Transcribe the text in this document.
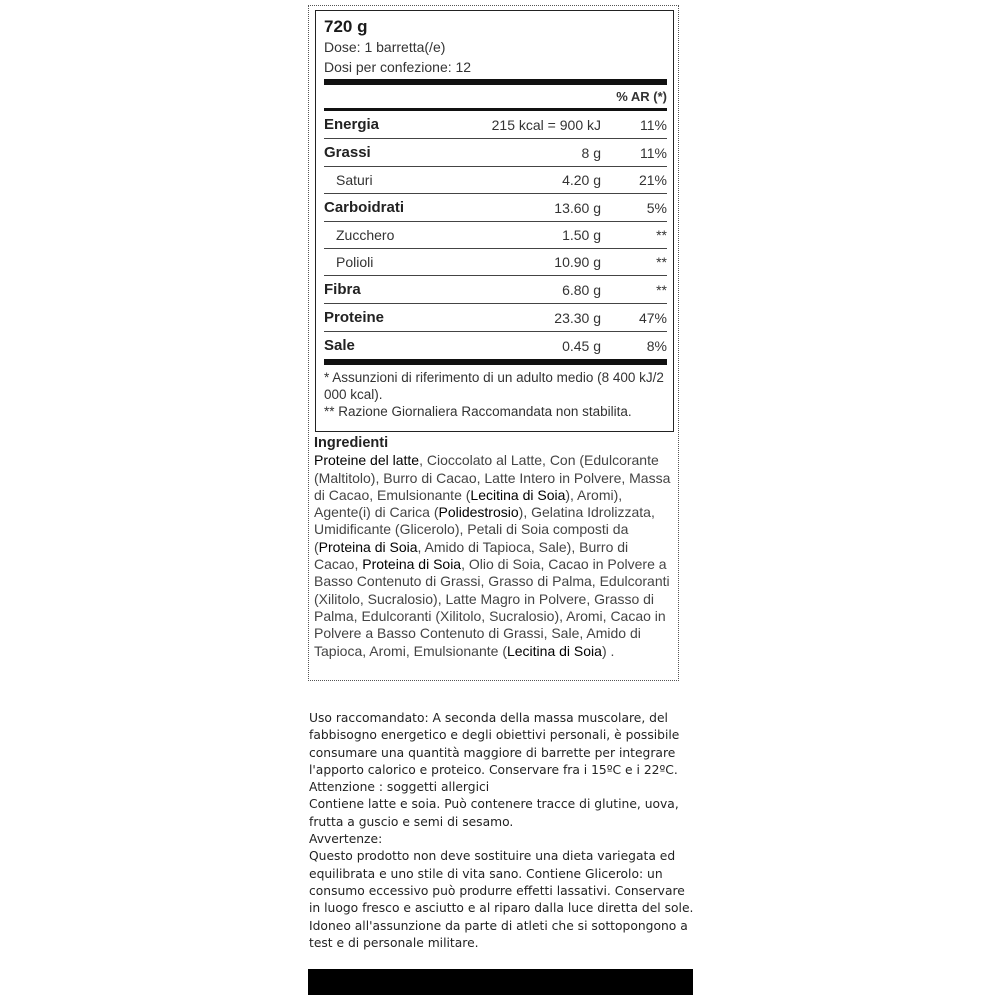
720 g
Dose: 1 barretta(/e)
Dosi per confezione: 12
% AR (*)
Energia	215 kcal = 900 kJ	11%
Grassi	8 g	11%
Saturi	4.20 g	21%
Carboidrati	13.60 g	5%
Zucchero	1.50 g	**
Polioli	10.90 g	**
Fibra	6.80 g	**
Proteine	23.30 g	47%
Sale	0.45 g	8%
* Assunzioni di riferimento di un adulto medio (8 400 kJ/2 000 kcal).
** Razione Giornaliera Raccomandata non stabilita.
Ingredienti
Proteine del latte, Cioccolato al Latte, Con (Edulcorante (Maltitolo), Burro di Cacao, Latte Intero in Polvere, Massa di Cacao, Emulsionante (Lecitina di Soia), Aromi), Agente(i) di Carica (Polidestrosio), Gelatina Idrolizzata, Umidificante (Glicerolo), Petali di Soia composti da (Proteina di Soia, Amido di Tapioca, Sale), Burro di Cacao, Proteina di Soia, Olio di Soia, Cacao in Polvere a Basso Contenuto di Grassi, Grasso di Palma, Edulcoranti (Xilitolo, Sucralosio), Latte Magro in Polvere, Grasso di Palma, Edulcoranti (Xilitolo, Sucralosio), Aromi, Cacao in Polvere a Basso Contenuto di Grassi, Sale, Amido di Tapioca, Aromi, Emulsionante (Lecitina di Soia) .
Uso raccomandato: A seconda della massa muscolare, del fabbisogno energetico e degli obiettivi personali, è possibile consumare una quantità maggiore di barrette per integrare l'apporto calorico e proteico. Conservare fra i 15ºC e i 22ºC.
Attenzione : soggetti allergici
Contiene latte e soia. Può contenere tracce di glutine, uova, frutta a guscio e semi di sesamo.
Avvertenze:
Questo prodotto non deve sostituire una dieta variegata ed equilibrata e uno stile di vita sano. Contiene Glicerolo: un consumo eccessivo può produrre effetti lassativi. Conservare in luogo fresco e asciutto e al riparo dalla luce diretta del sole. Idoneo all'assunzione da parte di atleti che si sottopongono a test e di personale militare.
